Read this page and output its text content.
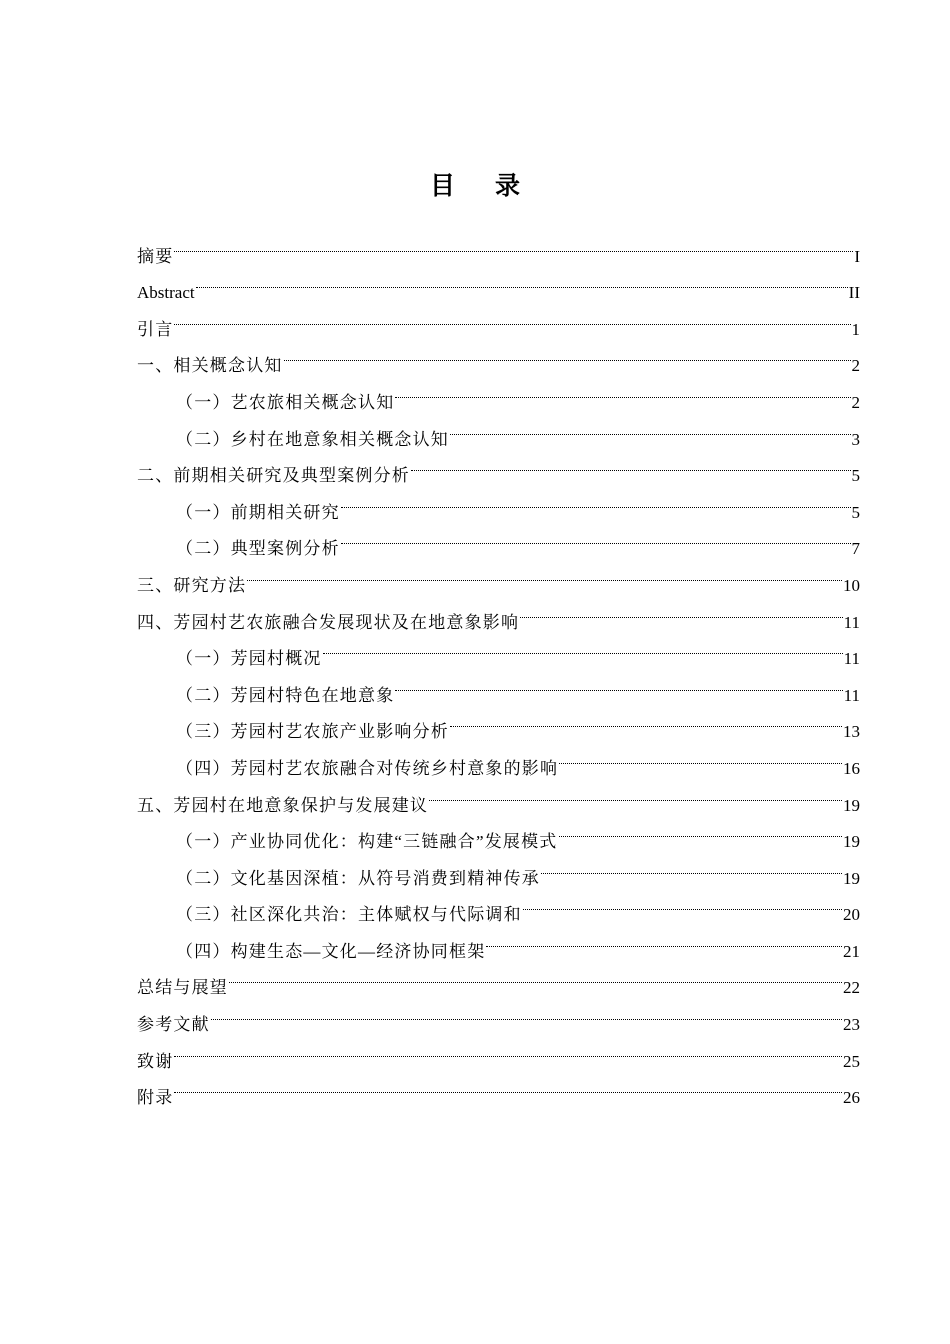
目 录
摘要	I
Abstract	II
引言	1
一、相关概念认知	2
（一）艺农旅相关概念认知	2
（二）乡村在地意象相关概念认知	3
二、前期相关研究及典型案例分析	5
（一）前期相关研究	5
（二）典型案例分析	7
三、研究方法	10
四、芳园村艺农旅融合发展现状及在地意象影响	11
（一）芳园村概况	11
（二）芳园村特色在地意象	11
（三）芳园村艺农旅产业影响分析	13
（四）芳园村艺农旅融合对传统乡村意象的影响	16
五、芳园村在地意象保护与发展建议	19
（一）产业协同优化：构建“三链融合”发展模式	19
（二）文化基因深植：从符号消费到精神传承	19
（三）社区深化共治：主体赋权与代际调和	20
（四）构建生态—文化—经济协同框架	21
总结与展望	22
参考文献	23
致谢	25
附录	26
